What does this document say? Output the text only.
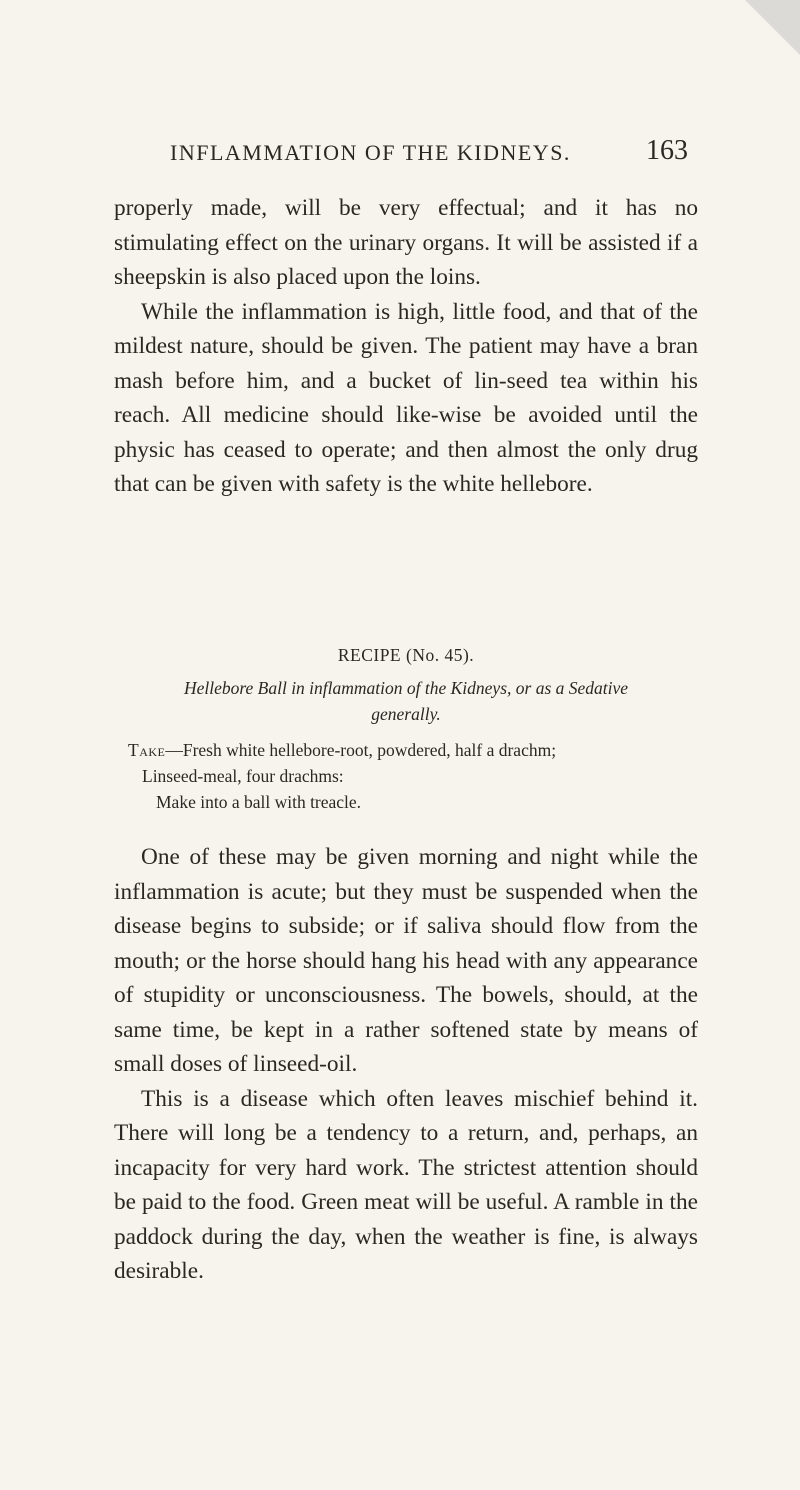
INFLAMMATION OF THE KIDNEYS.	163

properly made, will be very effectual; and it has no stimulating effect on the urinary organs. It will be assisted if a sheepskin is also placed upon the loins.

While the inflammation is high, little food, and that of the mildest nature, should be given. The patient may have a bran mash before him, and a bucket of lin-seed tea within his reach. All medicine should like-wise be avoided until the physic has ceased to operate; and then almost the only drug that can be given with safety is the white hellebore.

RECIPE (No. 45).

Hellebore Ball in inflammation of the Kidneys, or as a Sedative generally.

Take—Fresh white hellebore-root, powdered, half a drachm;

Linseed-meal, four drachms:

Make into a ball with treacle.

One of these may be given morning and night while the inflammation is acute; but they must be suspended when the disease begins to subside; or if saliva should flow from the mouth; or the horse should hang his head with any appearance of stupidity or unconsciousness. The bowels, should, at the same time, be kept in a rather softened state by means of small doses of linseed-oil.

This is a disease which often leaves mischief behind it. There will long be a tendency to a return, and, perhaps, an incapacity for very hard work. The strictest attention should be paid to the food. Green meat will be useful. A ramble in the paddock during the day, when the weather is fine, is always desirable.
